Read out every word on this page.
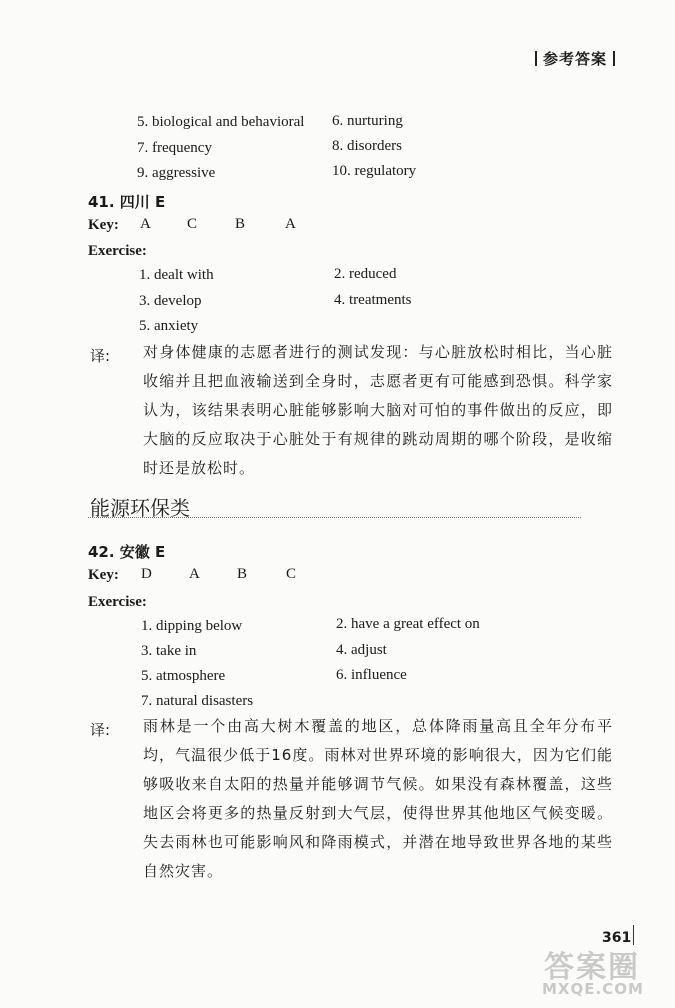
参考答案
5. biological and behavioral 6. nurturing
7. frequency	8. disorders
9. aggressive	10. regulatory
41. 四川 E
Key: A C	B	A
Exercise:
1. dealt with	2. reduced
3. develop	4. treatments
5. anxiety
译: 对身体健康的志愿者进行的测试发现：与心脏放松时相比，当心脏收缩并且把血液输送到全身时，志愿者更有可能感到恐惧。科学家认为，该结果表明心脏能够影响大脑对可怕的事件做出的反应，即大脑的反应取决于心脏处于有规律的跳动周期的哪个阶段，是收缩时还是放松时。
能源环保类
42. 安徽 E
Key: D A B	C
Exercise:
1. dipping below	2. have a great effect on
3. take in	4. adjust
5. atmosphere	6. influence
7. natural disasters
译: 雨林是一个由高大树木覆盖的地区，总体降雨量高且全年分布平均，气温很少低于16度。雨林对世界环境的影响很大，因为它们能够吸收来自太阳的热量并能够调节气候。如果没有森林覆盖，这些地区会将更多的热量反射到大气层，使得世界其他地区气候变暖。失去雨林也可能影响风和降雨模式，并潜在地导致世界各地的某些自然灾害。
361
答案圈
MXQE.COM
